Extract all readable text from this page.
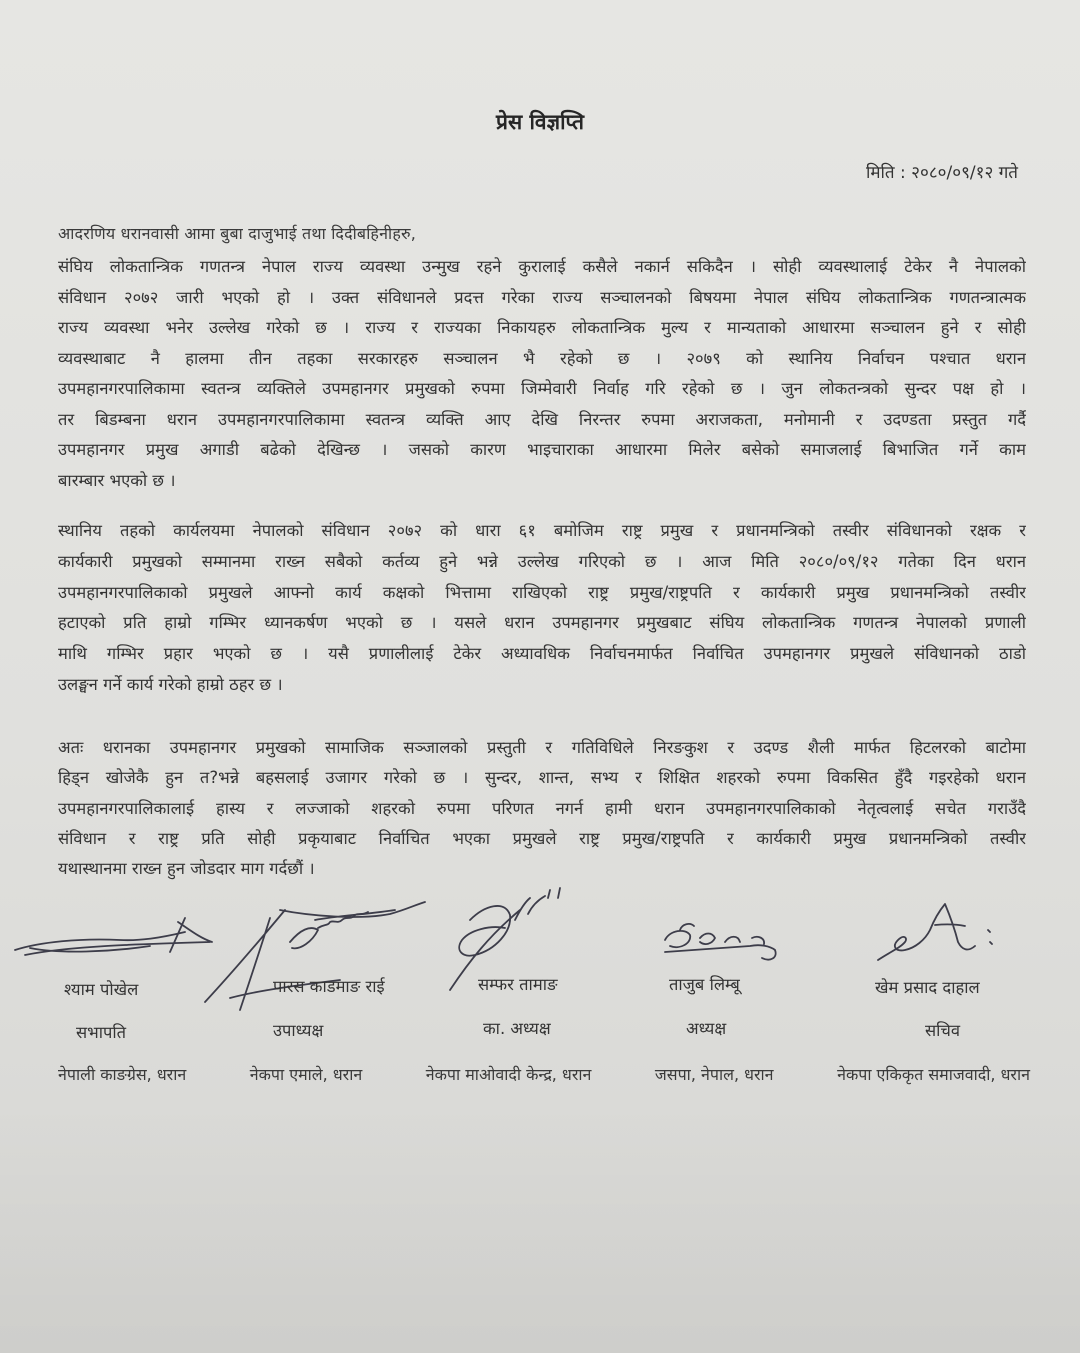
प्रेस विज्ञप्ति
मिति : २०८०/०९/१२ गते
आदरणिय धरानवासी आमा बुबा दाजुभाई तथा दिदीबहिनीहरु,
संघिय लोकतान्त्रिक गणतन्त्र नेपाल राज्य व्यवस्था उन्मुख रहने कुरालाई कसैले नकार्न सकिदैन । सोही व्यवस्थालाई टेकेर नै नेपालको
संविधान २०७२ जारी भएको हो । उक्त संविधानले प्रदत्त गरेका राज्य सञ्चालनको बिषयमा नेपाल संघिय लोकतान्त्रिक गणतन्त्रात्मक
राज्य व्यवस्था भनेर उल्लेख गरेको छ । राज्य र राज्यका निकायहरु लोकतान्त्रिक मुल्य र मान्यताको आधारमा सञ्चालन हुने र सोही
व्यवस्थाबाट नै हालमा तीन तहका सरकारहरु सञ्चालन भै रहेको छ । २०७९ को स्थानिय निर्वाचन पश्चात धरान
उपमहानगरपालिकामा स्वतन्त्र व्यक्तिले उपमहानगर प्रमुखको रुपमा जिम्मेवारी निर्वाह गरि रहेको छ । जुन लोकतन्त्रको सुन्दर पक्ष हो ।
तर बिडम्बना धरान उपमहानगरपालिकामा स्वतन्त्र व्यक्ति आए देखि निरन्तर रुपमा अराजकता, मनोमानी र उदण्डता प्रस्तुत गर्दै
उपमहानगर प्रमुख अगाडी बढेको देखिन्छ । जसको कारण भाइचाराका आधारमा मिलेर बसेको समाजलाई बिभाजित गर्ने काम
बारम्बार भएको छ ।
स्थानिय तहको कार्यलयमा नेपालको संविधान २०७२ को धारा ६१ बमोजिम राष्ट्र प्रमुख र प्रधानमन्त्रिको तस्वीर संविधानको रक्षक र
कार्यकारी प्रमुखको सम्मानमा राख्न सबैको कर्तव्य हुने भन्ने उल्लेख गरिएको छ । आज मिति २०८०/०९/१२ गतेका दिन धरान
उपमहानगरपालिकाको प्रमुखले आफ्नो कार्य कक्षको भित्तामा राखिएको राष्ट्र प्रमुख/राष्ट्रपति र कार्यकारी प्रमुख प्रधानमन्त्रिको तस्वीर
हटाएको प्रति हाम्रो गम्भिर ध्यानकर्षण भएको छ । यसले धरान उपमहानगर प्रमुखबाट संघिय लोकतान्त्रिक गणतन्त्र नेपालको प्रणाली
माथि गम्भिर प्रहार भएको छ । यसै प्रणालीलाई टेकेर अध्यावधिक निर्वाचनमार्फत निर्वाचित उपमहानगर प्रमुखले संविधानको ठाडो
उलङ्घन गर्ने कार्य गरेको हाम्रो ठहर छ ।
अतः धरानका उपमहानगर प्रमुखको सामाजिक सञ्जालको प्रस्तुती र गतिविधिले निरङकुश र उदण्ड शैली मार्फत हिटलरको बाटोमा
हिड्न खोजेकै हुन त?भन्ने बहसलाई उजागर गरेको छ । सुन्दर, शान्त, सभ्य र शिक्षित शहरको रुपमा विकसित हुँदै गइरहेको धरान
उपमहानगरपालिकालाई हास्य र लज्जाको शहरको रुपमा परिणत नगर्न हामी धरान उपमहानगरपालिकाको नेतृत्वलाई सचेत गराउँदै
संविधान र राष्ट्र प्रति सोही प्रकृयाबाट निर्वाचित भएका प्रमुखले राष्ट्र प्रमुख/राष्ट्रपति र कार्यकारी प्रमुख प्रधानमन्त्रिको तस्वीर
यथास्थानमा राख्न हुन जोडदार माग गर्दछौं ।
श्याम पोखेल	पारस काडमाङ राई	सम्फर तामाङ	ताजुब लिम्बू	खेम प्रसाद दाहाल
सभापति	उपाध्यक्ष	का. अध्यक्ष	अध्यक्ष	सचिव
नेपाली काङग्रेस, धरान	नेकपा एमाले, धरान	नेकपा माओवादी केन्द्र, धरान	जसपा, नेपाल, धरान	नेकपा एकिकृत समाजवादी, धरान
